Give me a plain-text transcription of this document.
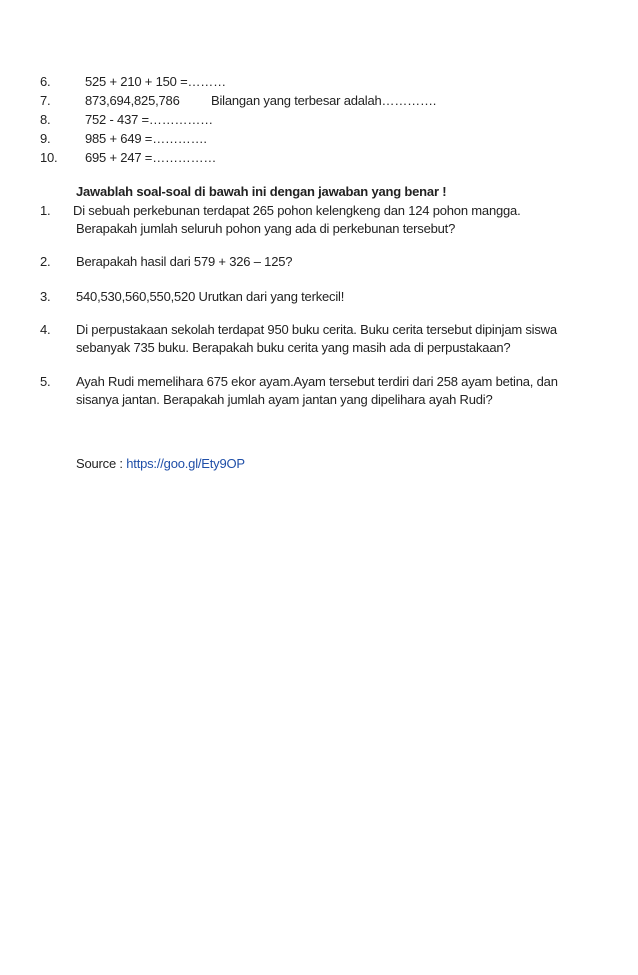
6.	525 + 210 + 150 =………
7.	873,694,825,786 Bilangan yang terbesar adalah………….
8.	752 - 437 =……………
9.	985 + 649 =………….
10. 695 + 247 =……………
Jawablah soal-soal di bawah ini dengan jawaban yang benar !
1. Di sebuah perkebunan terdapat 265 pohon kelengkeng dan 124 pohon mangga.
Berapakah jumlah seluruh pohon yang ada di perkebunan tersebut?
2. Berapakah hasil dari 579 + 326 – 125?
3. 540,530,560,550,520 Urutkan dari yang terkecil!
4. Di perpustakaan sekolah terdapat 950 buku cerita. Buku cerita tersebut dipinjam siswa
sebanyak 735 buku. Berapakah buku cerita yang masih ada di perpustakaan?
5. Ayah Rudi memelihara 675 ekor ayam.Ayam tersebut terdiri dari 258 ayam betina, dan
sisanya jantan. Berapakah jumlah ayam jantan yang dipelihara ayah Rudi?
Source : https://goo.gl/Ety9OP
